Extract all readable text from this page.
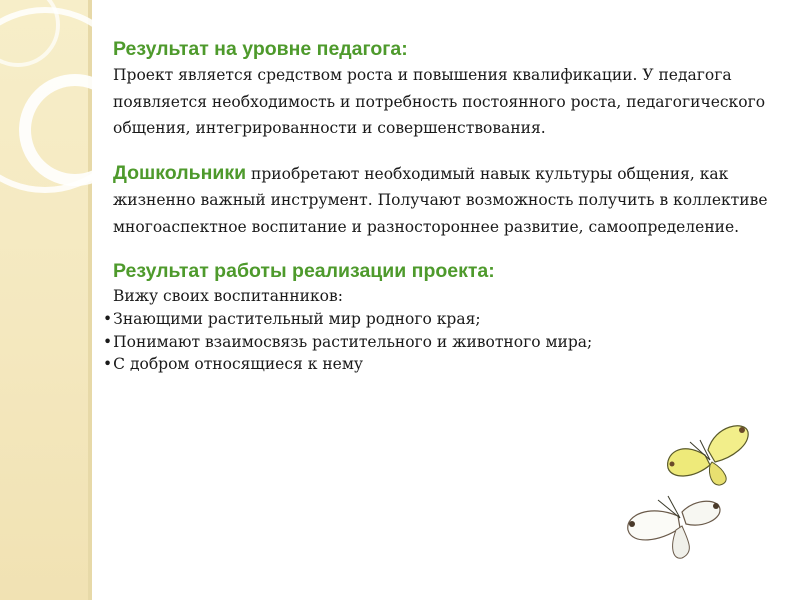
Результат на уровне педагога:
Проект является средством роста и повышения квалификации. У педагога появляется необходимость и потребность постоянного роста, педагогического общения, интегрированности и совершенствования.
Дошкольники приобретают необходимый навык культуры общения, как жизненно важный инструмент. Получают возможность получить в коллективе многоаспектное воспитание и разностороннее развитие, самоопределение.
Результат работы реализации проекта:
Вижу своих воспитанников:
• Знающими растительный мир родного края;
• Понимают взаимосвязь растительного и животного мира;
• С добром относящиеся к нему
